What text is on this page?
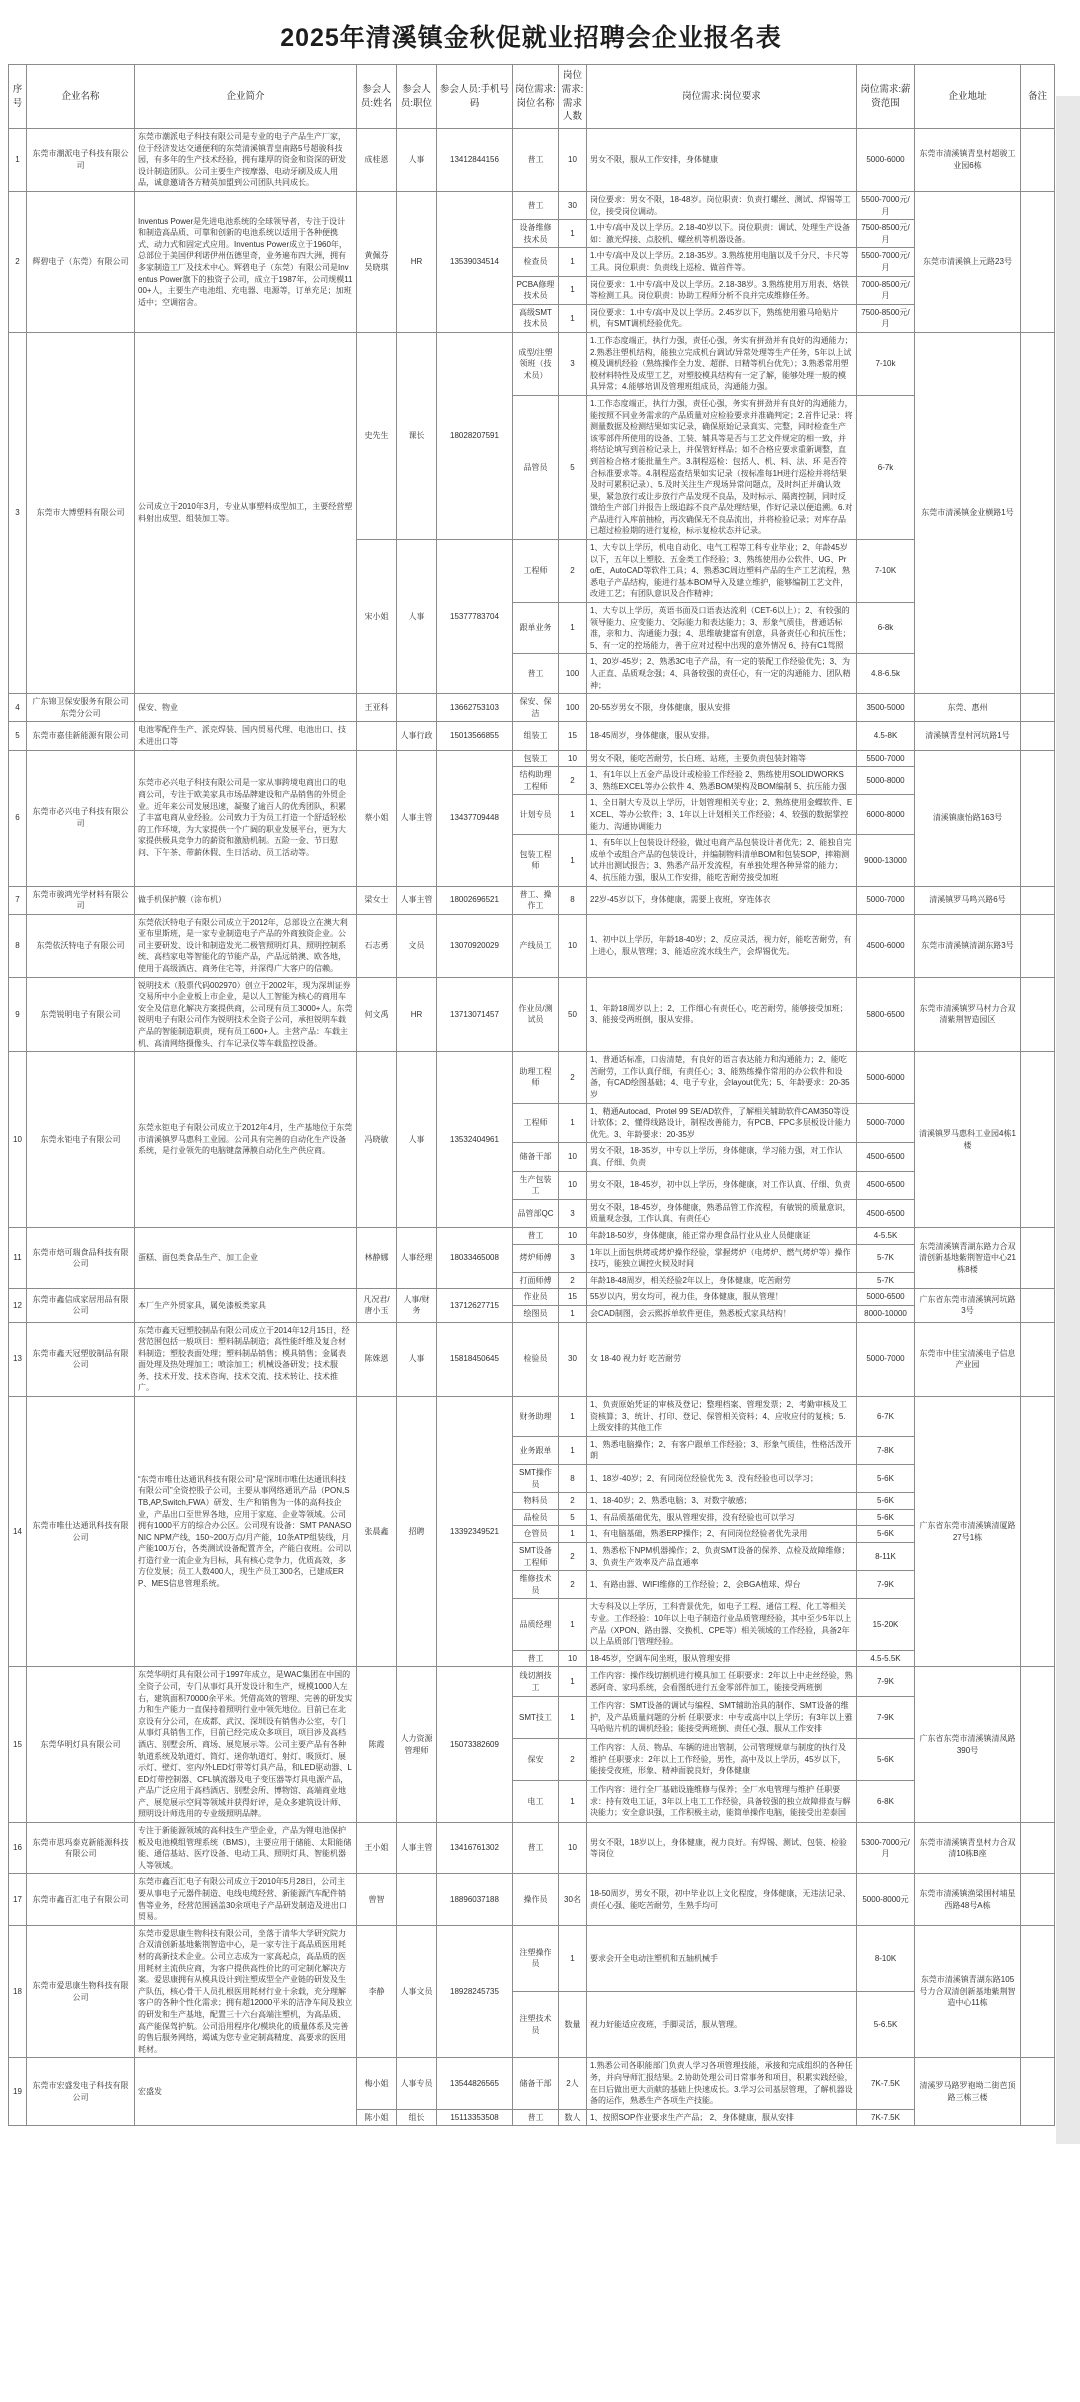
2025年清溪镇金秋促就业招聘会企业报名表
序号	企业名称	企业简介	参会人员:姓名	参会人员:职位	参会人员:手机号码	岗位需求:岗位名称	岗位需求:需求人数	岗位需求:岗位要求	岗位需求:薪资范围	企业地址	备注
1	东莞市潮派电子科技有限公司	东莞市潮派电子科技有限公司是专业的电子产品生产厂家，位于经济发达交通便利的东莞清溪镇青皇南路5号超骏科技园，有多年的生产技术经验，拥有雄厚的资金和资深的研发设计制造团队。公司主要生产按摩器、电动牙刷及成人用品，诚意邀请各方精英加盟到公司团队共同成长。	成桂恩	人事	13412844156	普工	10	男女不限，服从工作安排，身体健康	5000-6000	东莞市清溪镇青皇村超骏工业园6栋	
2	辉碧电子（东莞）有限公司	Inventus Power是先进电池系统的全球领导者，专注于设计和制造高品质、可靠和创新的电池系统以适用于各种便携式、动力式和固定式应用。Inventus Power成立于1960年，总部位于美国伊利诺伊州伍德里奇，业务遍布四大洲，拥有多家制造工厂及技术中心。辉碧电子（东莞）有限公司是Inventus Power旗下的独资子公司，成立于1987年，公司规模1100+人，主要生产电池组、充电器、电源等，订单充足；加班适中；空调宿舍。	黄佩芬 吴晓琪	HR	13539034514	普工	30	岗位要求：男女不限，18-48岁。岗位职责：负责打螺丝、测试、焊锡等工位，接受岗位调动。	5500-7000元/月	东莞市清溪镇上元路23号	
						设备维修技术员	1	1.中专/高中及以上学历。2.18-40岁以下。岗位职责：调试、处理生产设备如：激光焊接、点胶机、螺丝机等机器设备。	7500-8500元/月		
						检查员	1	1.中专/高中及以上学历。2.18-35岁。3.熟练使用电脑以及千分尺、卡尺等工具。岗位职责：负责线上巡检、做首件等。	5500-7000元/月		
						PCBA修理技术员	1	岗位要求：1.中专/高中及以上学历。2.18-38岁。3.熟练使用万用表、烙铁等检测工具。岗位职责：协助工程师分析不良并完成维修任务。	7000-8500元/月		
						高级SMT技术员	1	岗位要求：1.中专/高中及以上学历。2.45岁以下，熟练使用雅马哈贴片机，有SMT调机经验优先。	7500-8500元/月		
3	东莞市大博塑料有限公司	公司成立于2010年3月，专业从事塑料成型加工，主要经营塑料射出成型、组装加工等。	史先生	课长	18028207591	成型/注塑领班（技术员）	3	1.工作态度端正，执行力强，责任心强，务实有拼劲并有良好的沟通能力；2.熟悉注塑机结构，能独立完成机台调试/异常处理等生产任务，5年以上试模及调机经验（熟练操作全力发、超群、日精等机台优先）；3.熟悉常用塑胶材料特性及成型工艺，对塑胶模具结构有一定了解，能够处理一般的模具异常；4.能够培训及管理班组成员，沟通能力强。	7-10k	东莞市清溪镇金业横路1号	
						品管员	5	1.工作态度端正，执行力强，责任心强，务实有拼劲并有良好的沟通能力，能按照不同业务需求的产品质量对应检验要求并准确判定；2.首件记录：将测量数据及检测结果如实记录，确保原始记录真实、完整，同时检查生产该零部件所使用的设备、工装、辅具等是否与工艺文件规定的相一致，并将结论填写到首检记录上，并保管好样品；如不合格应要求重新调整，直到首检合格才能批量生产。3.制程巡检：包括人、机、料、法、环 是否符合标准要求等。4.制程巡查结果如实记录（按标准每1H进行巡检并将结果及时可累积记录）、5.及时关注生产现场异常问题点，及时纠正并确认效果，紧急放行或让步放行产品发现不良品，及时标示、隔离控制，同时反馈给生产部门并报告上级追踪不良产品处理结果，作好记录以便追溯。6.对产品进行入库前抽检，再次确保无不良品流出，并将检验记录；对库存品已超过检验期的进行复检，标示复检状态并记录。	6-7k		
			宋小姐	人事	15377783704	工程师	2	1、大专以上学历，机电自动化、电气工程等工科专业毕业；2、年龄45岁以下，五年以上塑胶、五金类工作经验；3、熟练使用办公软件、UG、Pro/E、AutoCAD等软件工具；4、熟悉3C周边塑料产品的生产工艺流程，熟悉电子产品结构，能进行基本BOM导入及建立维护，能够编制工艺文件，改进工艺；有团队意识及合作精神；	7-10K		
						跟单业务	1	1、大专以上学历，英语书面及口语表达流利（CET-6以上）；2、有较强的领导能力、应变能力、交际能力和表达能力；3、形象气质佳，普通话标准，亲和力、沟通能力强；4、思维敏捷富有创意，具备责任心和抗压性；5、有一定的控场能力，善于应对过程中出现的意外情况 6、持有C1驾照	6-8k		
						普工	100	1、20岁-45岁；2、熟悉3C电子产品，有一定的装配工作经验优先；3、为人正直、品质观念强；4、具备较强的责任心，有一定的沟通能力、团队精神；	4.8-6.5k		
4	广东锦卫保安服务有限公司东莞分公司	保安、物业	王亚科		13662753103	保安、保洁	100	20-55岁男女不限，身体健康，服从安排	3500-5000	东莞、惠州	
5	东莞市嘉佳新能源有限公司	电池零配件生产、派克焊装、国内贸易代理、电池出口、技术进出口等		人事行政	15013566855	组装工	15	18-45周岁，身体健康，服从安排。	4.5-8K	清溪镇青皇村河坑路1号	
6	东莞市必兴电子科技有限公司	东莞市必兴电子科技有限公司是一家从事跨境电商出口的电商公司，专注于欧美家具市场品牌建设和产品销售的外贸企业。近年来公司发展迅速，凝聚了逾百人的优秀团队，积累了丰富电商从业经验。公司致力于为员工打造一个舒适轻松的工作环境，为大家提供一个广阔的职业发展平台，更为大家提供极具竞争力的薪资和激励机制。五险一金、节日慰问、下午茶、带薪休假、生日活动、员工活动等。	蔡小姐	人事主管	13437709448	包装工	10	男女不限，能吃苦耐劳，长白班、站班，主要负责包装封箱等	5500-7000	清溪镇康怡路163号	
						结构助理工程师	2	1、有1年以上五金产品设计或检验工作经验 2、熟练使用SOLIDWORKS 3、熟练EXCEL等办公软件 4、熟悉BOM架构及BOM编制 5、抗压能力强	5000-8000		
						计划专员	1	1、全日制大专及以上学历，计划管理相关专业；2、熟练使用金蝶软件、EXCEL、等办公软件；3、1年以上计划相关工作经验；4、较强的数据掌控能力、沟通协调能力	6000-8000		
						包装工程师	1	1、有5年以上包装设计经验，做过电商产品包装设计者优先；2、能独自完成单个或组合产品的包装设计，并编制物料清单BOM和包装SOP，摔箱测试并出测试报告；3、熟悉产品开发流程，有单独处理各种异常的能力；4、抗压能力强，服从工作安排，能吃苦耐劳接受加班	9000-13000		
7	东莞市骏鸿光学材料有限公司	做手机保护膜（涂布机）	梁女士	人事主管	18002696521	普工、操作工	8	22岁-45岁以下，身体健康，需要上夜班，穿连体衣	5000-7000	清溪镇罗马鸣兴路6号	
8	东莞依沃特电子有限公司	东莞依沃特电子有限公司成立于2012年，总部设立在澳大利亚布里斯班，是一家专业制造电子产品的外商独资企业。公司主要研发、设计和制造发光二极管照明灯具、照明控制系统、高档家电等智能化的节能产品，产品远销澳、欧各地，使用于高级酒店、商务住宅等，并深得广大客户的信赖。	石志勇	文员	13070920029	产线员工	10	1、初中以上学历，年龄18-40岁；2、反应灵活，视力好，能吃苦耐劳，有上进心，服从管理；3、能适应流水线生产，会焊锡优先。	4500-6000	东莞市清溪镇清湖东路3号	
9	东莞锐明电子有限公司	锐明技术（股票代码002970）创立于2002年，现为深圳证券交易所中小企业板上市企业，是以人工智能为核心的商用车安全及信息化解决方案提供商，公司现有员工3000+人。东莞锐明电子有限公司作为锐明技术全资子公司，承担锐明车载产品的智能制造职责，现有员工600+人。主营产品：车载主机、高清网络摄像头、行车记录仪等车载监控设备。	何文禹	HR	13713071457	作业员/测试员	50	1、年龄18周岁以上；2、工作细心有责任心，吃苦耐劳，能够接受加班；3、能接受两班倒，服从安排。	5800-6500	东莞市清溪镇罗马村力合双清紫荆智造园区	
10	东莞永钜电子有限公司	东莞永钜电子有限公司成立于2012年4月，生产基地位于东莞市清溪镇罗马惠科工业园。公司具有完善的自动化生产设备系统，是行业领先的电脑键盘薄膜自动化生产供应商。	冯晓敏	人事	13532404961	助理工程师	2	1、普通话标准，口齿清楚，有良好的语言表达能力和沟通能力；2、能吃苦耐劳，工作认真仔细，有责任心；3、能熟练操作常用的办公软件和设备，有CAD绘图基础；4、电子专业，会layout优先；5、年龄要求：20-35岁	5000-6000	清溪镇罗马惠科工业园4栋1楼	
						工程师	1	1、精通Autocad、Protel 99 SE/AD软件，了解相关辅助软件CAM350等设计软体；2、懂得线路设计，制程改善能力，有PCB、FPC多层板设计能力优先。3、年龄要求：20-35岁	5000-7000		
						储备干部	10	男女不限，18-35岁，中专以上学历，身体健康，学习能力强，对工作认真、仔细、负责	4500-6500		
						生产包装工	10	男女不限，18-45岁，初中以上学历，身体健康，对工作认真、仔细、负责	4500-6500		
						品管部QC	3	男女不限，18-45岁，身体健康，熟悉品管工作流程，有敏锐的质量意识，质量观念强，工作认真、有责任心	4500-6500		
11	东莞市焙可瑞食品科技有限公司	蛋糕、面包类食品生产、加工企业	林静娜	人事经理	18033465008	普工	10	年龄18-50岁，身体健康，能正常办理食品行业从业人员健康证	4-5.5K	东莞清溪镇青湖东路力合双清创新基地紫荆智造中心21栋8楼	
						烤炉师傅	3	1年以上面包烘烤或烤炉操作经验，掌握烤炉（电烤炉、燃气烤炉等）操作技巧，能独立调控火候及时间	5-7K		
						打面师傅	2	年龄18-48周岁，相关经验2年以上，身体健康，吃苦耐劳	5-7K		
12	东莞市鑫信成家居用品有限公司	本厂生产外贸家具，属免漆板类家具	凡况君/唐小玉	人事/财务	13712627715	作业员	15	55岁以内，男女均可，视力佳，身体健康，服从管理！	5000-6500	广东省东莞市清溪镇河坑路3号	
						绘图员	1	会CAD制图，会云熙拆单软件更佳，熟悉板式家具结构！	8000-10000		
13	东莞市鑫天冠塑胶制品有限公司	东莞市鑫天冠塑胶制品有限公司成立于2014年12月15日，经营范围包括一般项目：塑料制品制造；高性能纤维及复合材料制造；塑胶表面处理；塑料制品销售；模具销售；金属表面处理及热处理加工；喷涂加工；机械设备研发；技术服务、技术开发、技术咨询、技术交流、技术转让、技术推广。	陈姝恩	人事	15818450645	检验员	30	女 18-40 视力好 吃苦耐劳	5000-7000	东莞市中佳宝清溪电子信息产业园	
14	东莞市唯仕达通讯科技有限公司	“东莞市唯仕达通讯科技有限公司”是“深圳市唯仕达通讯科技有限公司”全资控股子公司，主要从事网络通讯产品（PON,STB,AP,Switch,FWA）研发、生产和销售为一体的高科技企业，产品出口至世界各地，应用于家庭、企业等领域。公司拥有1000平方的综合办公区。公司现有设备：SMT PANASONIC NPM产线，150~200万点/月产能，10条ATP组装线，月产能100万台，各类测试设备配置齐全，产能白夜班。公司以打造行业一流企业为目标，具有核心竞争力，优质高效，多方位发展；员工人数400人，现生产员工300名，已建成ERP、MES信息管理系统。	张晨鑫	招聘	13392349521	财务助理	1	1、负责原始凭证的审核及登记；整理档案、管理发票；2、考勤审核及工资核算；3、统计、打印、登记、保管相关资料；4、应收应付的复核；5.上级安排的其他工作	6-7K	广东省东莞市清溪镇清厦路27号1栋	
						业务跟单	1	1、熟悉电脑操作；2、有客户跟单工作经验；3、形象气质佳，性格活泼开朗	7-8K		
						SMT操作员	8	1、18岁-40岁；2、有同岗位经验优先 3、没有经验也可以学习；	5-6K		
						物料员	2	1、18-40岁；2、熟悉电脑；3、对数字敏感；	5-6K		
						品检员	5	1、有品质基础优先，服从管理安排，没有经验也可以学习	5-6K		
						仓管员	1	1、有电脑基础，熟悉ERP操作；2、有同岗位经验者优先录用	5-6K		
						SMT设备工程师	2	1、熟悉松下NPM机器操作；2、负责SMT设备的保养、点检及故障维修；3、负责生产效率及产品直通率	8-11K		
						维修技术员	2	1、有路由器、WIFI维修的工作经验；2、会BGA植球、焊台	7-9K		
						品质经理	1	大专科及以上学历，工科背景优先，如电子工程、通信工程、化工等相关专业。工作经验：10年以上电子制造行业品质管理经验，其中至少5年以上产品（XPON、路由器、交换机、CPE等）相关领域的工作经验，具备2年以上品质部门管理经验。	15-20K		
						普工	10	18-45岁，空调车间坐班，服从管理安排	4.5-5.5K		
15	东莞华明灯具有限公司	东莞华明灯具有限公司于1997年成立，是WAC集团在中国的全资子公司，专门从事灯具开发设计和生产，规模1000人左右，建筑面积70000余平米。凭借高效的管理、完善的研发实力和生产能力一直保持着照明行业中领先地位。目前已在北京设有分公司，在成都、武汉、深圳设有销售办公室，专门从事灯具销售工作，目前已经完成众多项目，项目涉及高档酒店、别墅会所、商场、展览展示等。公司主要产品有各种轨道系统及轨道灯、筒灯、迷你轨道灯、射灯、吸顶灯、展示灯、壁灯、室内/外LED灯带等灯具产品，和LED驱动器、LED灯带控制器、CFL镇流器及电子变压器等灯具电源产品，产品广泛应用于高档酒店、别墅会所、博物馆、高端商业地产、展览展示空间等领域并获得好评，是众多建筑设计师、照明设计师选用的专业级照明品牌。	陈霞	人力资源管理师	15073382609	线切割技工	1	工作内容：操作线切割机进行模具加工 任职要求：2年以上中走丝经验，熟悉阿奇、家玛系统，会看图纸进行五金零部件加工，能接受两班倒	7-9K	广东省东莞市清溪镇清凤路390号	
						SMT技工	1	工作内容：SMT设备的调试与编程、SMT辅助治具的制作、SMT设备的维护，及产品质量问题的分析 任职要求：中专或高中以上学历；有3年以上雅马哈贴片机的调机经验；能接受两班倒、责任心强、服从工作安排	7-9K		
						保安	2	工作内容：人员、物品、车辆的进出管制，公司管理规章与制度的执行及维护 任职要求：2年以上工作经验，男性，高中及以上学历，45岁以下，能接受夜班，形象、精神面貌良好，身体健康	5-6K		
						电工	1	工作内容：进行全厂基础设施维修与保养；全厂水电管理与维护 任职要求：持有效电工证，3年以上电工工作经验，具备较强的独立故障排查与解决能力；安全意识强，工作积极主动，能简单操作电脑，能接受出差泰国	6-8K		
16	东莞市思玛泰克新能源科技有限公司	专注于新能源领域的高科技生产型企业，产品为锂电池保护板及电池模组管理系统（BMS），主要应用于储能、太阳能储能、通信基站、医疗设备、电动工具、照明灯具、智能机器人等领域。	王小姐	人事主管	13416761302	普工	10	男女不限，18岁以上，身体健康，视力良好。有焊锡、测试、包装、检验 等岗位	5300-7000元/月	东莞市清溪镇青皇村力合双清10栋B座	
17	东莞市鑫百汇电子有限公司	东莞市鑫百汇电子有限公司成立于2010年5月28日，公司主要从事电子元器件制造、电线电缆经营、新能源汽车配件销售等业务，经营范围涵盖30余项电子产品研发制造及进出口贸易。	曾智		18896037188	操作员	30名	18-50周岁，男女不限，初中毕业以上文化程度，身体健康，无违法记录、责任心强、能吃苦耐劳，生熟手均可	5000-8000元	东莞市清溪镇渔梁围村埔星西路48号A栋	
18	东莞市爱思康生物科技有限公司	东莞市爱思康生物科技有限公司，坐落于清华大学研究院力合双清创新基地紫荆智造中心，是一家专注于高品质医用耗材的高新技术企业。公司立志成为一家高起点，高品质的医用耗材主流供应商，为客户提供高性价比的可定制化解决方案。爱思康拥有从模具设计到注塑成型全产业链的研发及生产队伍，核心骨干人员扎根医用耗材行业十余载，充分理解客户的各种个性化需求；拥有超12000平米的洁净车间及独立的研发和生产基地，配置三十六台高端注塑机，为高品质、高产能保驾护航。公司沿用程序化/模块化的质量体系及完善的售后服务网络，竭诚为您专业定制高精度、高要求的医用耗材。	李静	人事文员	18928245735	注塑操作员	1	要求会开全电动注塑机和五轴机械手	8-10K	东莞市清溪镇青湖东路105号力合双清创新基地紫荆智造中心11栋	
						注塑技术员	数量	视力好能适应夜班，手脚灵活，服从管理。	5-6.5K		
19	东莞市宏盛发电子科技有限公司	宏盛发	梅小姐	人事专员	13544826565	储备干部	2人	1.熟悉公司各职能部门负责人学习各项管理技能，承接和完成组织的各种任务，并向导师汇报结果。2.协助处理公司日常事务和项目，积累实践经验，在日后做出更大贡献的基础上快速成长。3.学习公司基层管理，了解机器设备的运作，熟悉生产各项生产技能。	7K-7.5K	清溪罗马路罗袍坳二街芭顶路三栋三楼	
			陈小姐	组长	15113353508	普工	数人	1、按照SOP作业要求生产产品； 2、身体健康，服从安排	7K-7.5K		
